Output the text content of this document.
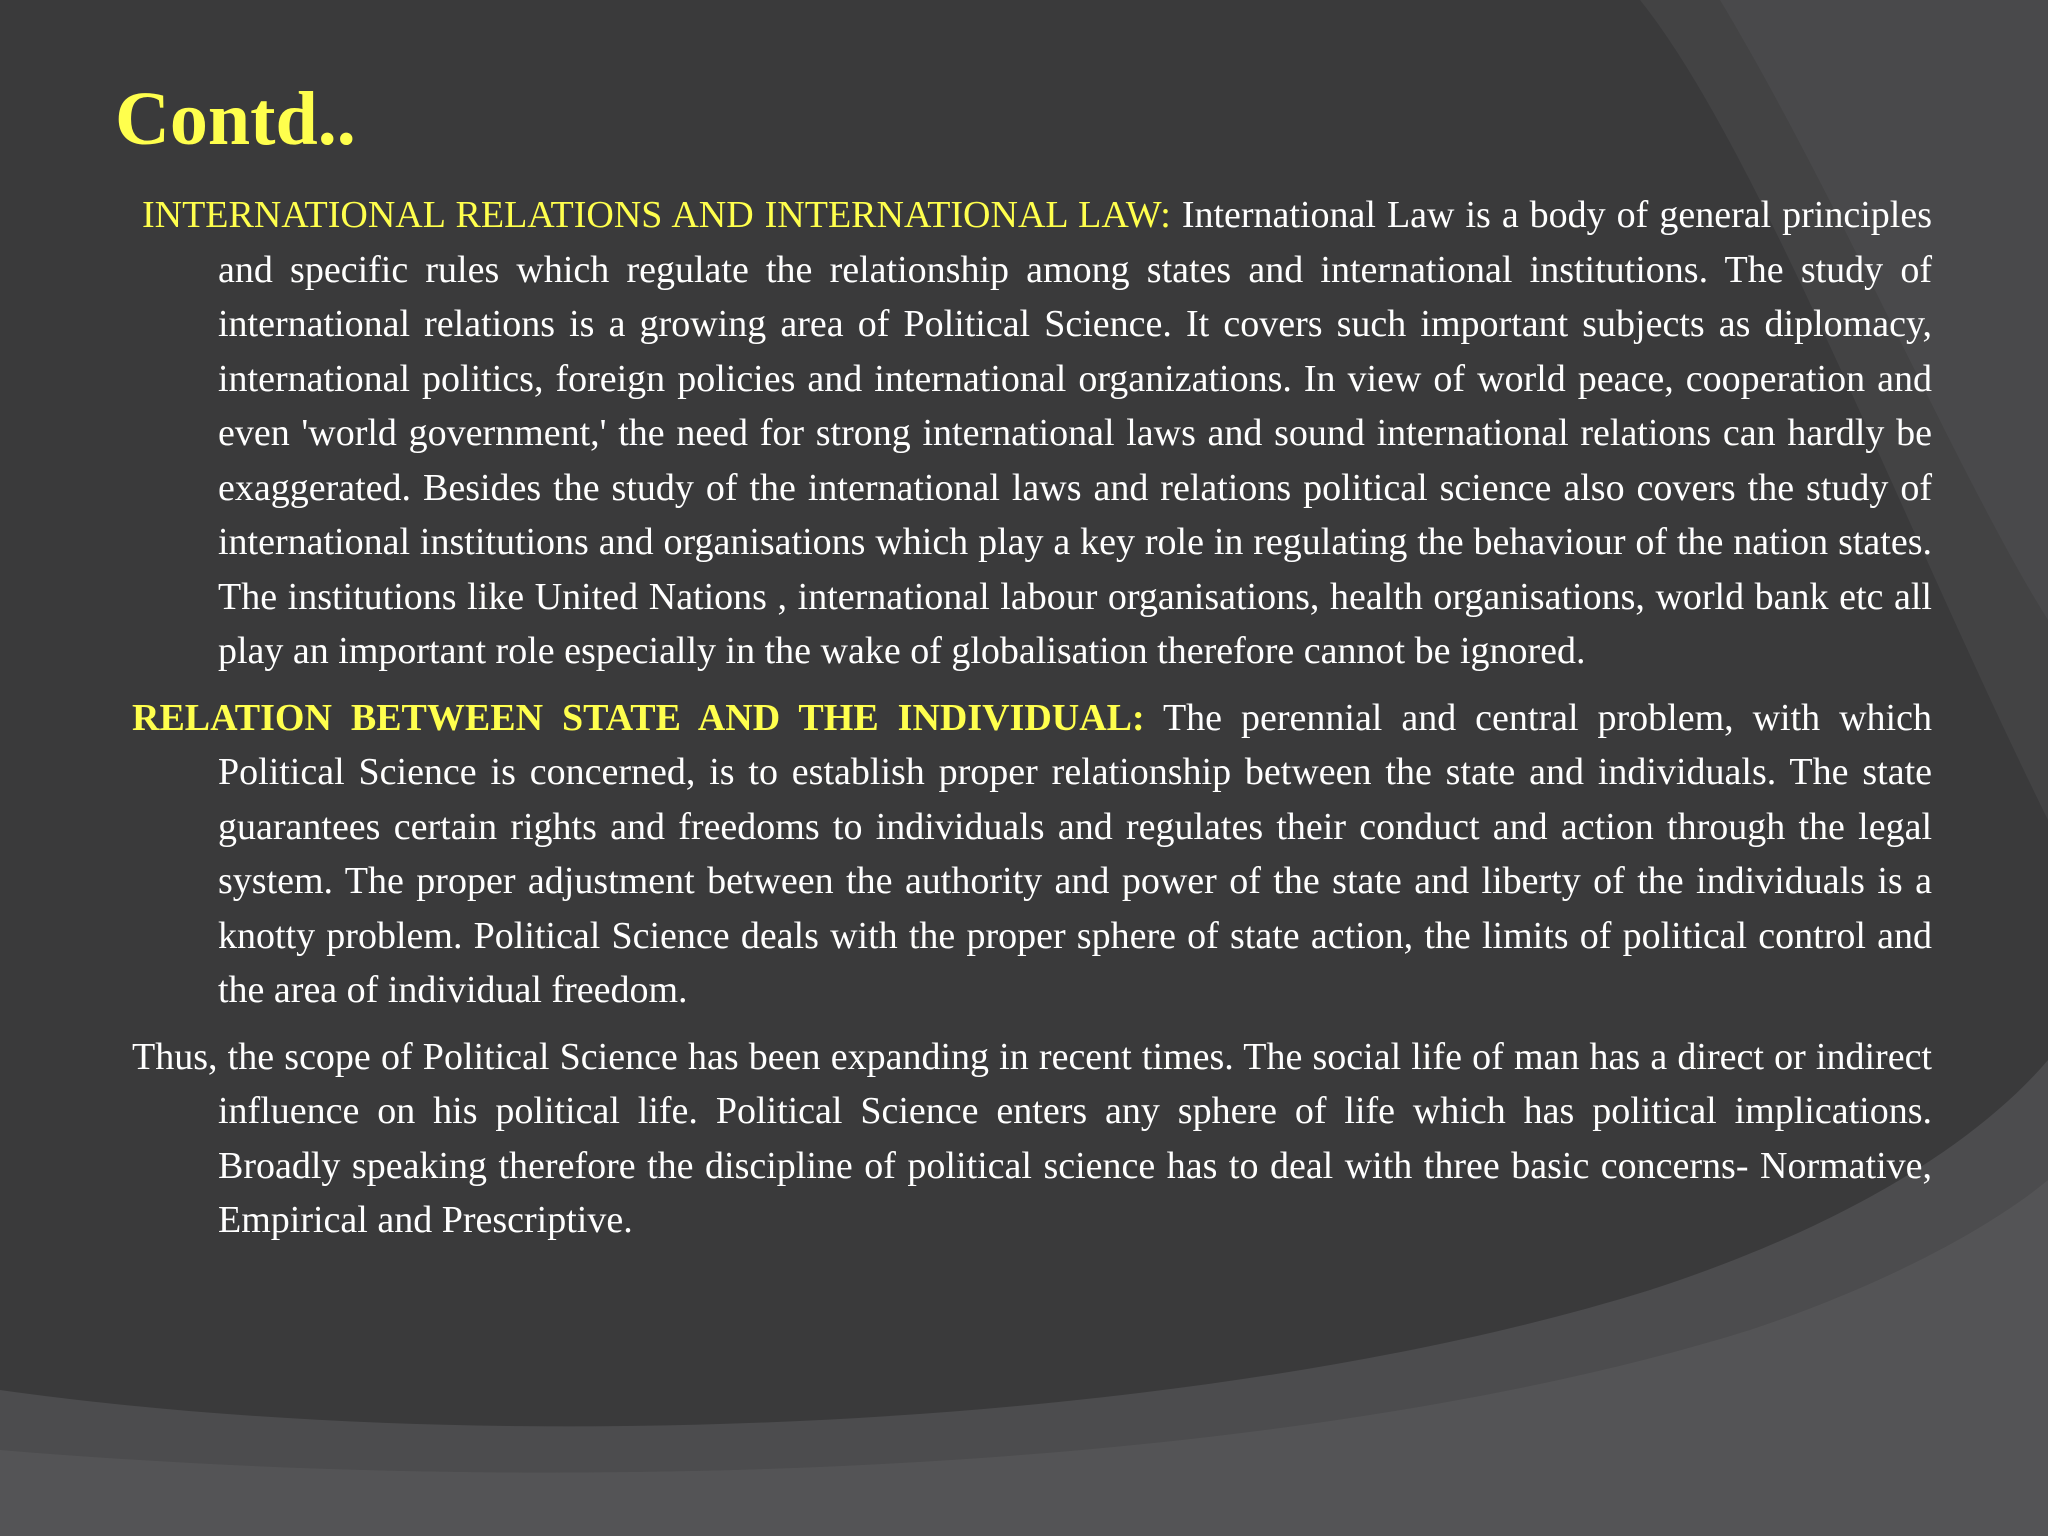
Contd..

INTERNATIONAL RELATIONS AND INTERNATIONAL LAW: International Law is a body of general principles and specific rules which regulate the relationship among states and international institutions. The study of international relations is a growing area of Political Science. It covers such important subjects as diplomacy, international politics, foreign policies and international organizations. In view of world peace, cooperation and even 'world government,' the need for strong international laws and sound international relations can hardly be exaggerated. Besides the study of the international laws and relations political science also covers the study of international institutions and organisations which play a key role in regulating the behaviour of the nation states. The institutions like United Nations , international labour organisations, health organisations, world bank etc all play an important role especially in the wake of globalisation therefore cannot be ignored.

RELATION BETWEEN STATE AND THE INDIVIDUAL: The perennial and central problem, with which Political Science is concerned, is to establish proper relationship between the state and individuals. The state guarantees certain rights and freedoms to individuals and regulates their conduct and action through the legal system. The proper adjustment between the authority and power of the state and liberty of the individuals is a knotty problem. Political Science deals with the proper sphere of state action, the limits of political control and the area of individual freedom.

Thus, the scope of Political Science has been expanding in recent times. The social life of man has a direct or indirect influence on his political life. Political Science enters any sphere of life which has political implications. Broadly speaking therefore the discipline of political science has to deal with three basic concerns- Normative, Empirical and Prescriptive.
